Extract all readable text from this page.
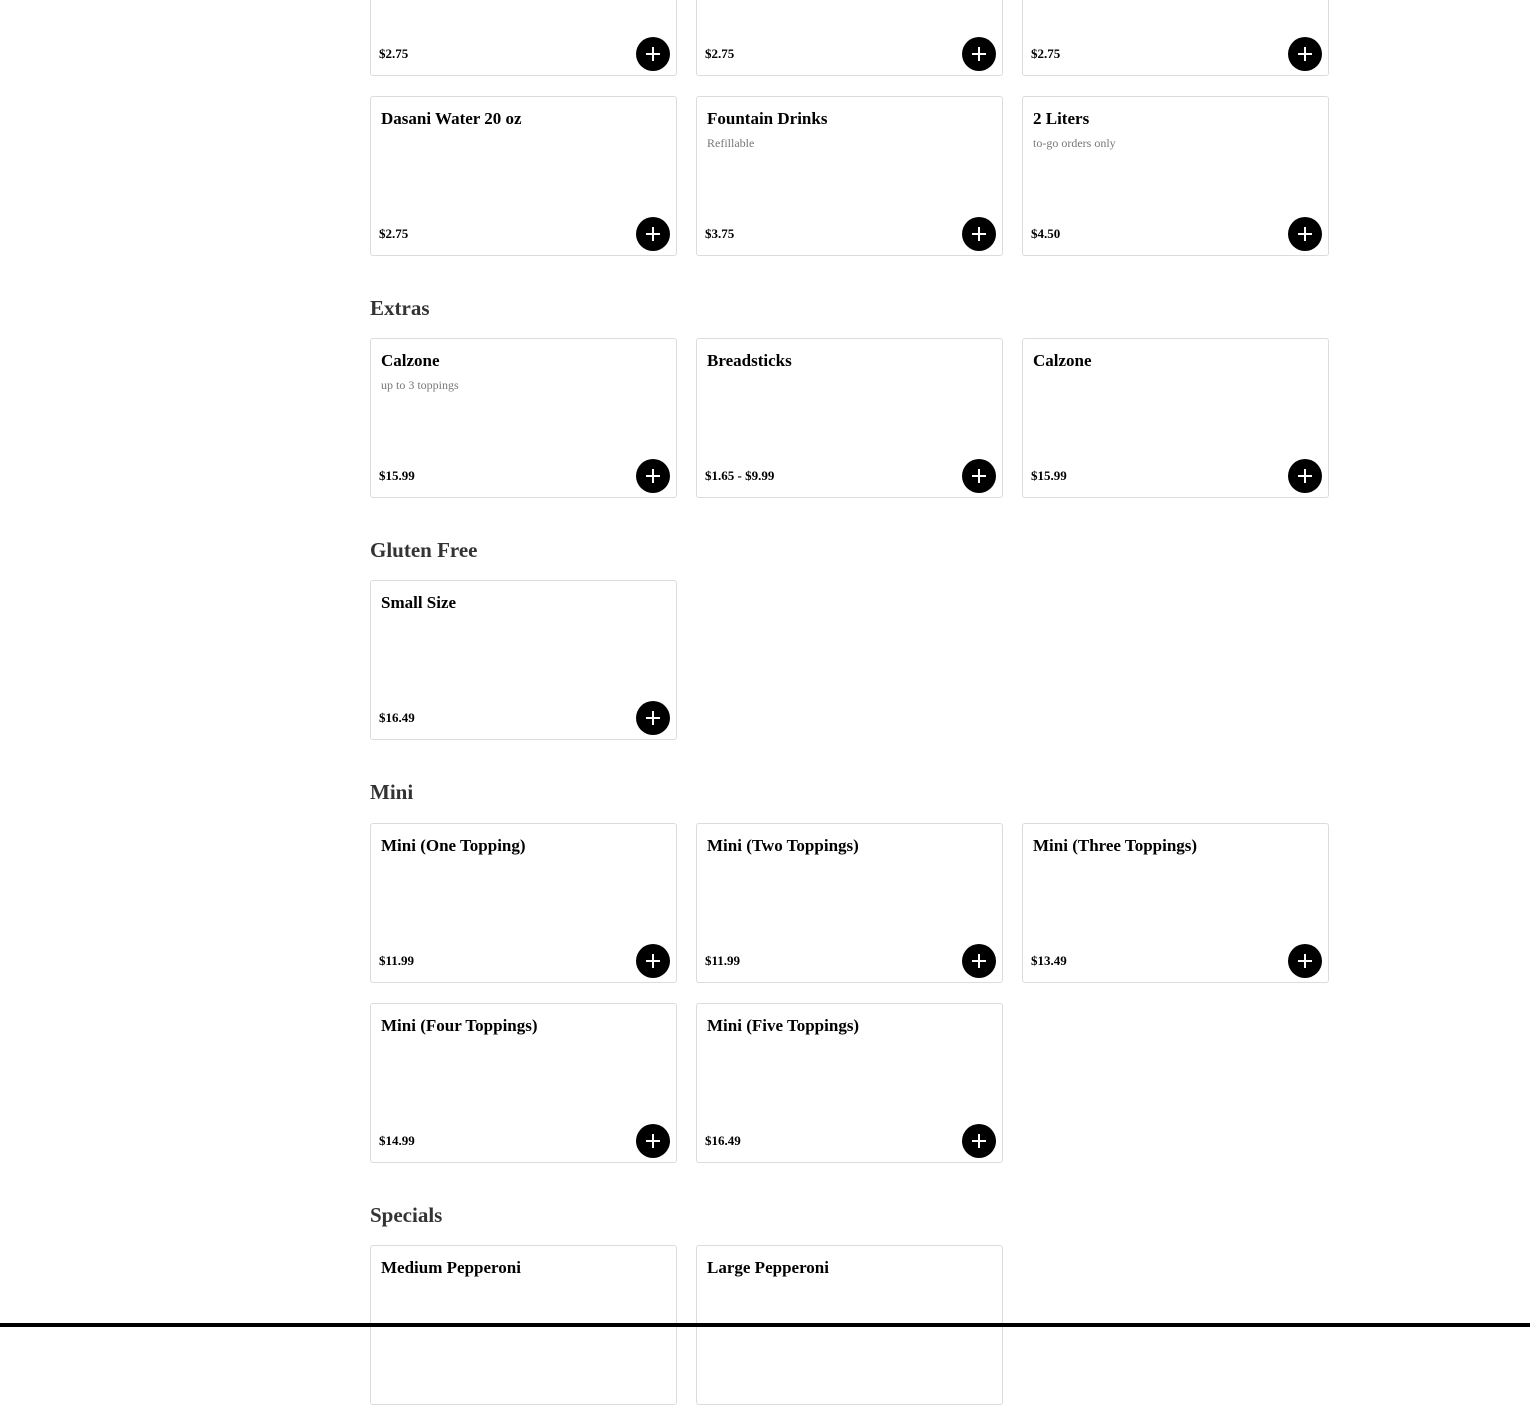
$2.75	$2.75	$2.75
Dasani Water 20 oz
$2.75
Fountain Drinks
Refillable
$3.75
2 Liters
to-go orders only
$4.50
Extras
Calzone
up to 3 toppings
$15.99
Breadsticks
$1.65 - $9.99
Calzone
$15.99
Gluten Free
Small Size
$16.49
Mini
Mini (One Topping)
$11.99
Mini (Two Toppings)
$11.99
Mini (Three Toppings)
$13.49
Mini (Four Toppings)
$14.99
Mini (Five Toppings)
$16.49
Specials
Medium Pepperoni	Large Pepperoni
